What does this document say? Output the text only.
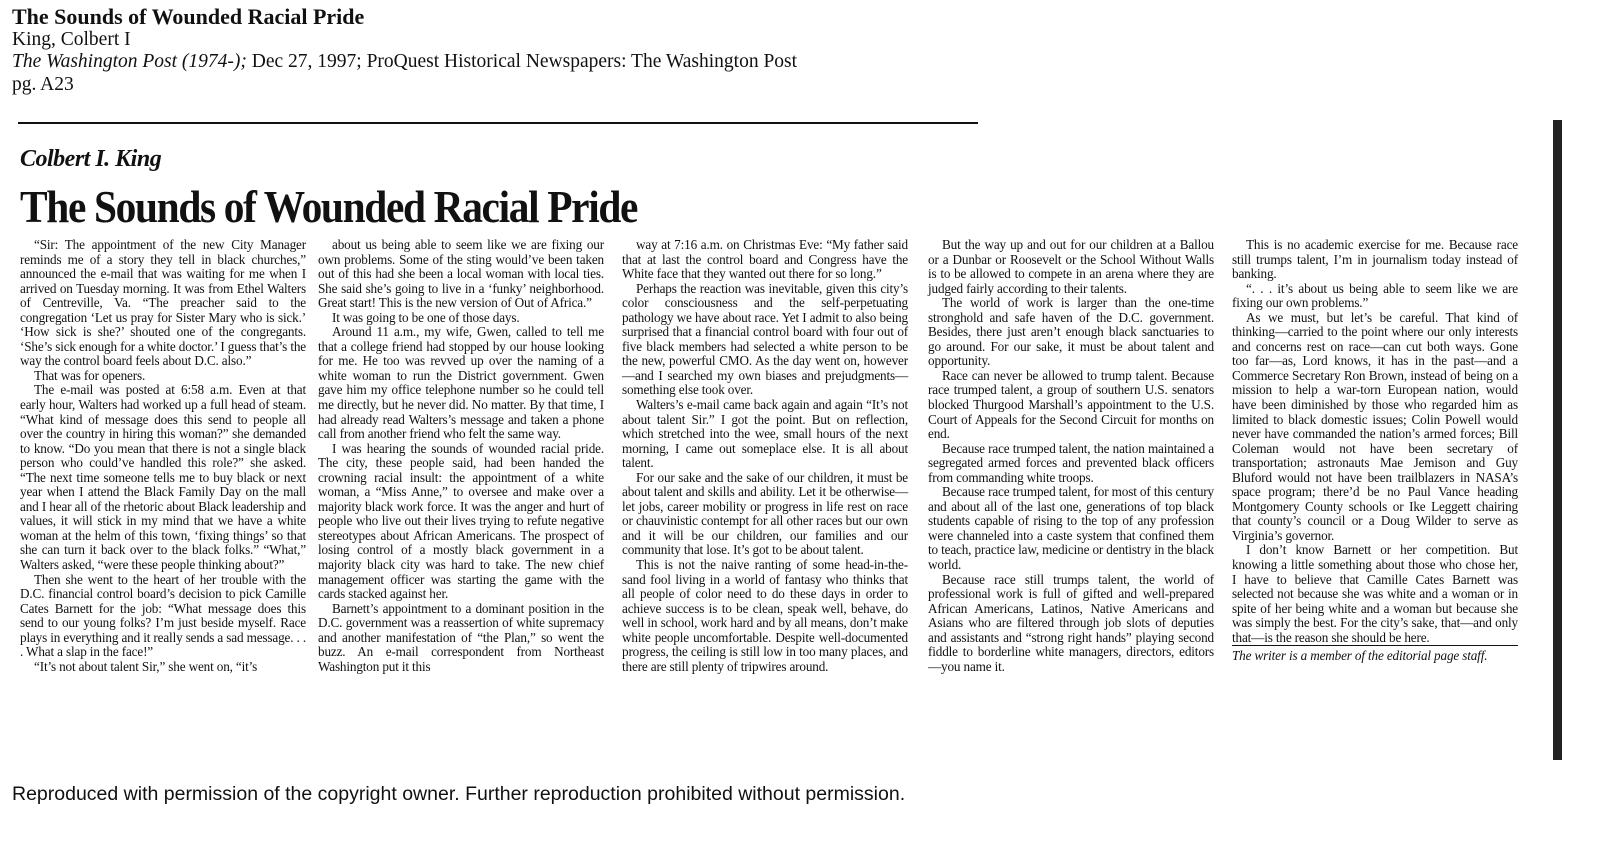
The Sounds of Wounded Racial Pride
King, Colbert I
The Washington Post (1974-); Dec 27, 1997; ProQuest Historical Newspapers: The Washington Post
pg. A23
Colbert I. King
The Sounds of Wounded Racial Pride

“Sir: The appointment of the new City Manager reminds me of a story they tell in black churches,” announced the e-mail that was waiting for me when I arrived on Tuesday morning. It was from Ethel Walters of Centreville, Va. “The preacher said to the congregation ‘Let us pray for Sister Mary who is sick.’ ‘How sick is she?’ shouted one of the congregants. ‘She’s sick enough for a white doctor.’ I guess that’s the way the control board feels about D.C. also.”

That was for openers.

The e-mail was posted at 6:58 a.m. Even at that early hour, Walters had worked up a full head of steam. “What kind of message does this send to people all over the country in hiring this woman?” she demanded to know. “Do you mean that there is not a single black person who could’ve handled this role?” she asked. “The next time someone tells me to buy black or next year when I attend the Black Family Day on the mall and I hear all of the rhetoric about Black leadership and values, it will stick in my mind that we have a white woman at the helm of this town, ‘fixing things’ so that she can turn it back over to the black folks.” “What,” Walters asked, “were these people thinking about?”

Then she went to the heart of her trouble with the D.C. financial control board’s decision to pick Camille Cates Barnett for the job: “What message does this send to our young folks? I’m just beside myself. Race plays in everything and it really sends a sad message. . . . What a slap in the face!”

“It’s not about talent Sir,” she went on, “it’s

about us being able to seem like we are fixing our own problems. Some of the sting would’ve been taken out of this had she been a local woman with local ties. She said she’s going to live in a ‘funky’ neighborhood. Great start! This is the new version of Out of Africa.”

It was going to be one of those days.

Around 11 a.m., my wife, Gwen, called to tell me that a college friend had stopped by our house looking for me. He too was revved up over the naming of a white woman to run the District government. Gwen gave him my office telephone number so he could tell me directly, but he never did. No matter. By that time, I had already read Walters’s message and taken a phone call from another friend who felt the same way.

I was hearing the sounds of wounded racial pride. The city, these people said, had been handed the crowning racial insult: the appointment of a white woman, a “Miss Anne,” to oversee and make over a majority black work force. It was the anger and hurt of people who live out their lives trying to refute negative stereotypes about African Americans. The prospect of losing control of a mostly black government in a majority black city was hard to take. The new chief management officer was starting the game with the cards stacked against her.

Barnett’s appointment to a dominant position in the D.C. government was a reassertion of white supremacy and another manifestation of “the Plan,” so went the buzz. An e-mail correspondent from Northeast Washington put it this

way at 7:16 a.m. on Christmas Eve: “My father said that at last the control board and Congress have the White face that they wanted out there for so long.”

Perhaps the reaction was inevitable, given this city’s color consciousness and the self-perpetuating pathology we have about race. Yet I admit to also being surprised that a financial control board with four out of five black members had selected a white person to be the new, powerful CMO. As the day went on, however—and I searched my own biases and prejudgments—something else took over.

Walters’s e-mail came back again and again “It’s not about talent Sir.” I got the point. But on reflection, which stretched into the wee, small hours of the next morning, I came out someplace else. It is all about talent.

For our sake and the sake of our children, it must be about talent and skills and ability. Let it be otherwise—let jobs, career mobility or progress in life rest on race or chauvinistic contempt for all other races but our own and it will be our children, our families and our community that lose. It’s got to be about talent.

This is not the naive ranting of some head-in-the-sand fool living in a world of fantasy who thinks that all people of color need to do these days in order to achieve success is to be clean, speak well, behave, do well in school, work hard and by all means, don’t make white people uncomfortable. Despite well-documented progress, the ceiling is still low in too many places, and there are still plenty of tripwires around.

But the way up and out for our children at a Ballou or a Dunbar or Roosevelt or the School Without Walls is to be allowed to compete in an arena where they are judged fairly according to their talents.

The world of work is larger than the one-time stronghold and safe haven of the D.C. government. Besides, there just aren’t enough black sanctuaries to go around. For our sake, it must be about talent and opportunity.

Race can never be allowed to trump talent. Because race trumped talent, a group of southern U.S. senators blocked Thurgood Marshall’s appointment to the U.S. Court of Appeals for the Second Circuit for months on end.

Because race trumped talent, the nation maintained a segregated armed forces and prevented black officers from commanding white troops.

Because race trumped talent, for most of this century and about all of the last one, generations of top black students capable of rising to the top of any profession were channeled into a caste system that confined them to teach, practice law, medicine or dentistry in the black world.

Because race still trumps talent, the world of professional work is full of gifted and well-prepared African Americans, Latinos, Native Americans and Asians who are filtered through job slots of deputies and assistants and “strong right hands” playing second fiddle to borderline white managers, directors, editors—you name it.

This is no academic exercise for me. Because race still trumps talent, I’m in journalism today instead of banking.

“. . . it’s about us being able to seem like we are fixing our own problems.”

As we must, but let’s be careful. That kind of thinking—carried to the point where our only interests and concerns rest on race—can cut both ways. Gone too far—as, Lord knows, it has in the past—and a Commerce Secretary Ron Brown, instead of being on a mission to help a war-torn European nation, would have been diminished by those who regarded him as limited to black domestic issues; Colin Powell would never have commanded the nation’s armed forces; Bill Coleman would not have been secretary of transportation; astronauts Mae Jemison and Guy Bluford would not have been trailblazers in NASA’s space program; there’d be no Paul Vance heading Montgomery County schools or Ike Leggett chairing that county’s council or a Doug Wilder to serve as Virginia’s governor.

I don’t know Barnett or her competition. But knowing a little something about those who chose her, I have to believe that Camille Cates Barnett was selected not because she was white and a woman or in spite of her being white and a woman but because she was simply the best. For the city’s sake, that—and only that—is the reason she should be here.

The writer is a member of the editorial page staff.

Reproduced with permission of the copyright owner. Further reproduction prohibited without permission.
